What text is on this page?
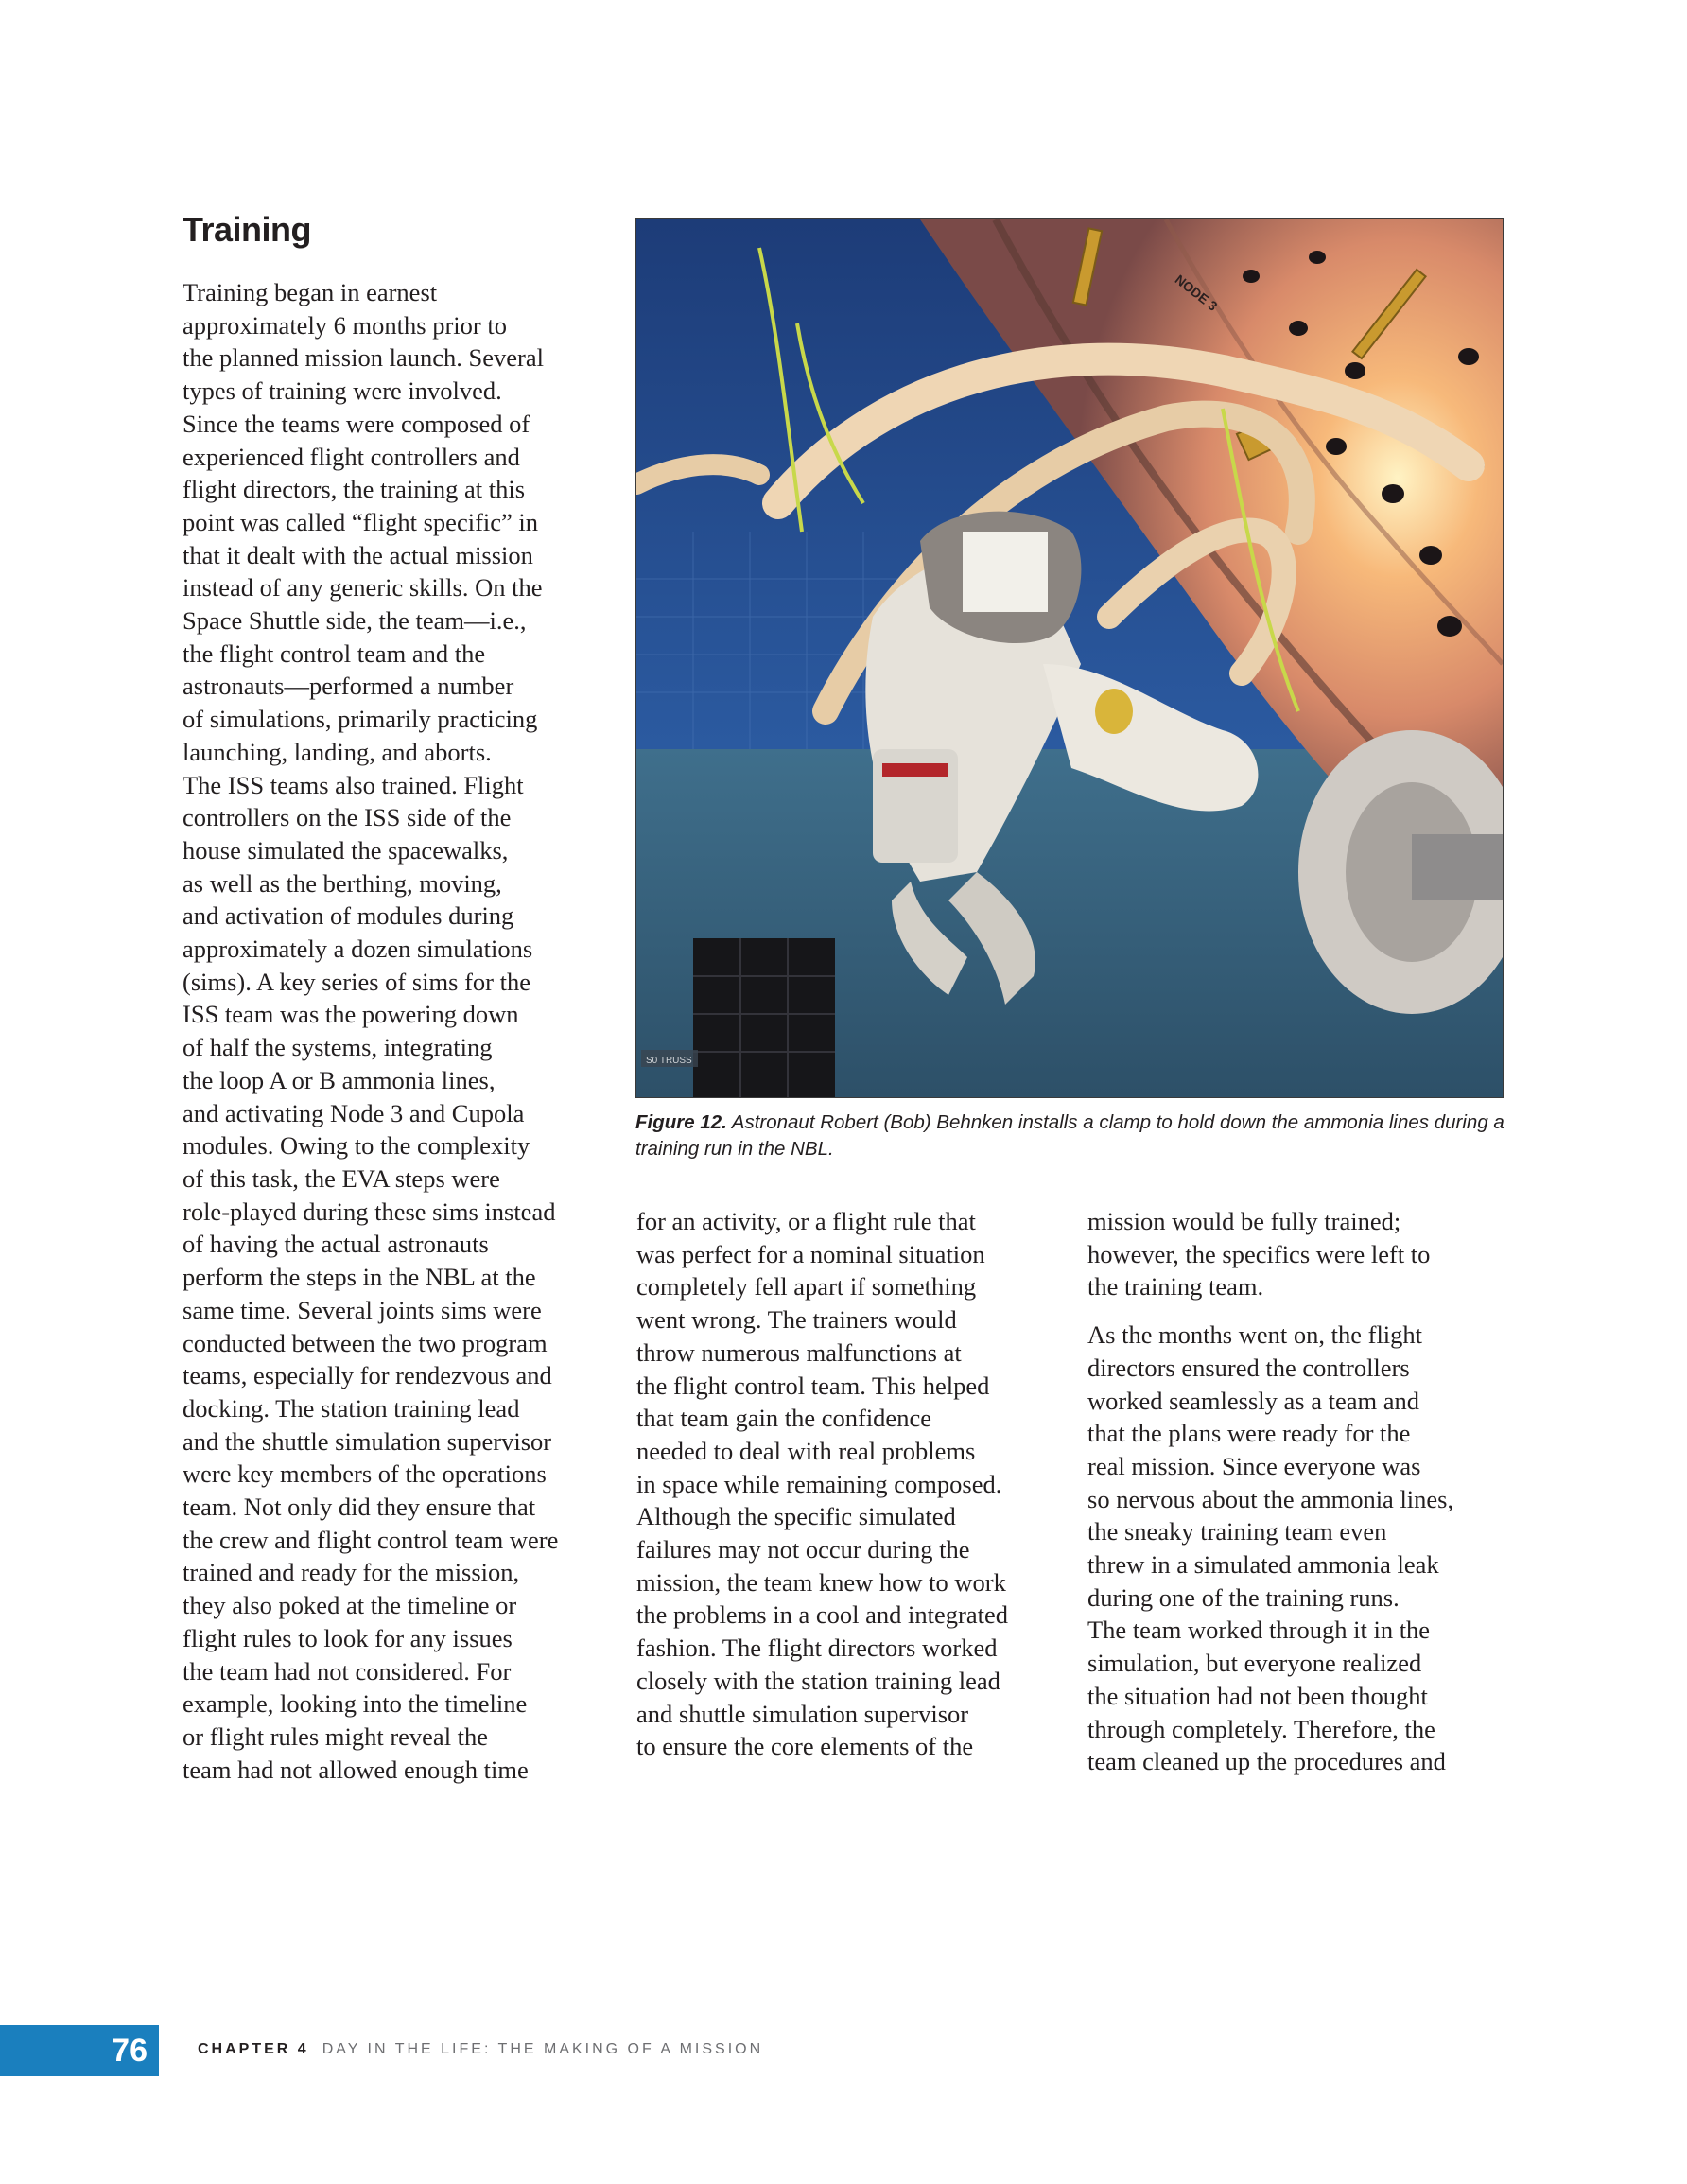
Training

Training began in earnest
approximately 6 months prior to
the planned mission launch. Several
types of training were involved.
Since the teams were composed of
experienced flight controllers and
flight directors, the training at this
point was called “flight specific” in
that it dealt with the actual mission
instead of any generic skills. On the
Space Shuttle side, the team—i.e.,
the flight control team and the
astronauts—performed a number
of simulations, primarily practicing
launching, landing, and aborts.
The ISS teams also trained. Flight
controllers on the ISS side of the
house simulated the spacewalks,
as well as the berthing, moving,
and activation of modules during
approximately a dozen simulations
(sims). A key series of sims for the
ISS team was the powering down
of half the systems, integrating
the loop A or B ammonia lines,
and activating Node 3 and Cupola
modules. Owing to the complexity
of this task, the EVA steps were
role-played during these sims instead
of having the actual astronauts
perform the steps in the NBL at the
same time. Several joints sims were
conducted between the two program
teams, especially for rendezvous and
docking. The station training lead
and the shuttle simulation supervisor
were key members of the operations
team. Not only did they ensure that
the crew and flight control team were
trained and ready for the mission,
they also poked at the timeline or
flight rules to look for any issues
the team had not considered. For
example, looking into the timeline
or flight rules might reveal the
team had not allowed enough time

NODE 3
S0 TRUSS
Figure 12. Astronaut Robert (Bob) Behnken installs a clamp to hold down the ammonia lines during a training run in the NBL.

for an activity, or a flight rule that
was perfect for a nominal situation
completely fell apart if something
went wrong. The trainers would
throw numerous malfunctions at
the flight control team. This helped
that team gain the confidence
needed to deal with real problems
in space while remaining composed.
Although the specific simulated
failures may not occur during the
mission, the team knew how to work
the problems in a cool and integrated
fashion. The flight directors worked
closely with the station training lead
and shuttle simulation supervisor
to ensure the core elements of the

mission would be fully trained;
however, the specifics were left to
the training team.

As the months went on, the flight
directors ensured the controllers
worked seamlessly as a team and
that the plans were ready for the
real mission. Since everyone was
so nervous about the ammonia lines,
the sneaky training team even
threw in a simulated ammonia leak
during one of the training runs.
The team worked through it in the
simulation, but everyone realized
the situation had not been thought
through completely. Therefore, the
team cleaned up the procedures and

76	CHAPTER 4 DAY IN THE LIFE: THE MAKING OF A MISSION
